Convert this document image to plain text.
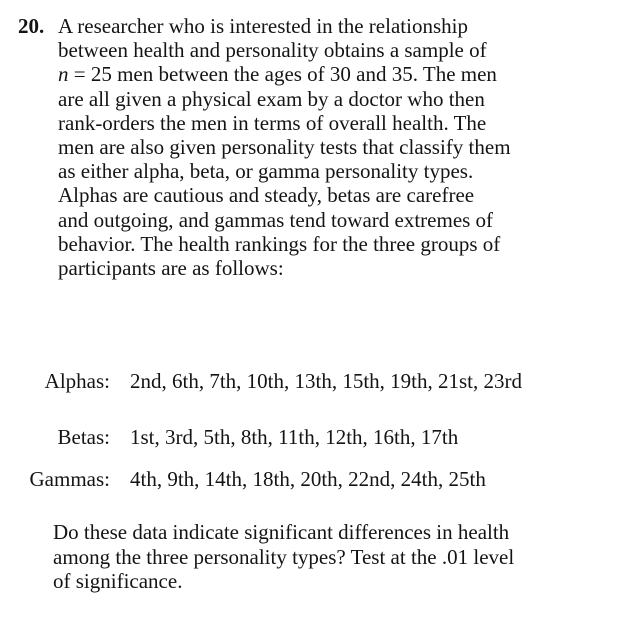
20. A researcher who is interested in the relationship
between health and personality obtains a sample of
n = 25 men between the ages of 30 and 35. The men
are all given a physical exam by a doctor who then
rank-orders the men in terms of overall health. The
men are also given personality tests that classify them
as either alpha, beta, or gamma personality types.
Alphas are cautious and steady, betas are carefree
and outgoing, and gammas tend toward extremes of
behavior. The health rankings for the three groups of
participants are as follows:
Alphas: 2nd, 6th, 7th, 10th, 13th, 15th, 19th, 21st, 23rd
Betas: 1st, 3rd, 5th, 8th, 11th, 12th, 16th, 17th
Gammas: 4th, 9th, 14th, 18th, 20th, 22nd, 24th, 25th
Do these data indicate significant differences in health
among the three personality types? Test at the .01 level
of significance.
